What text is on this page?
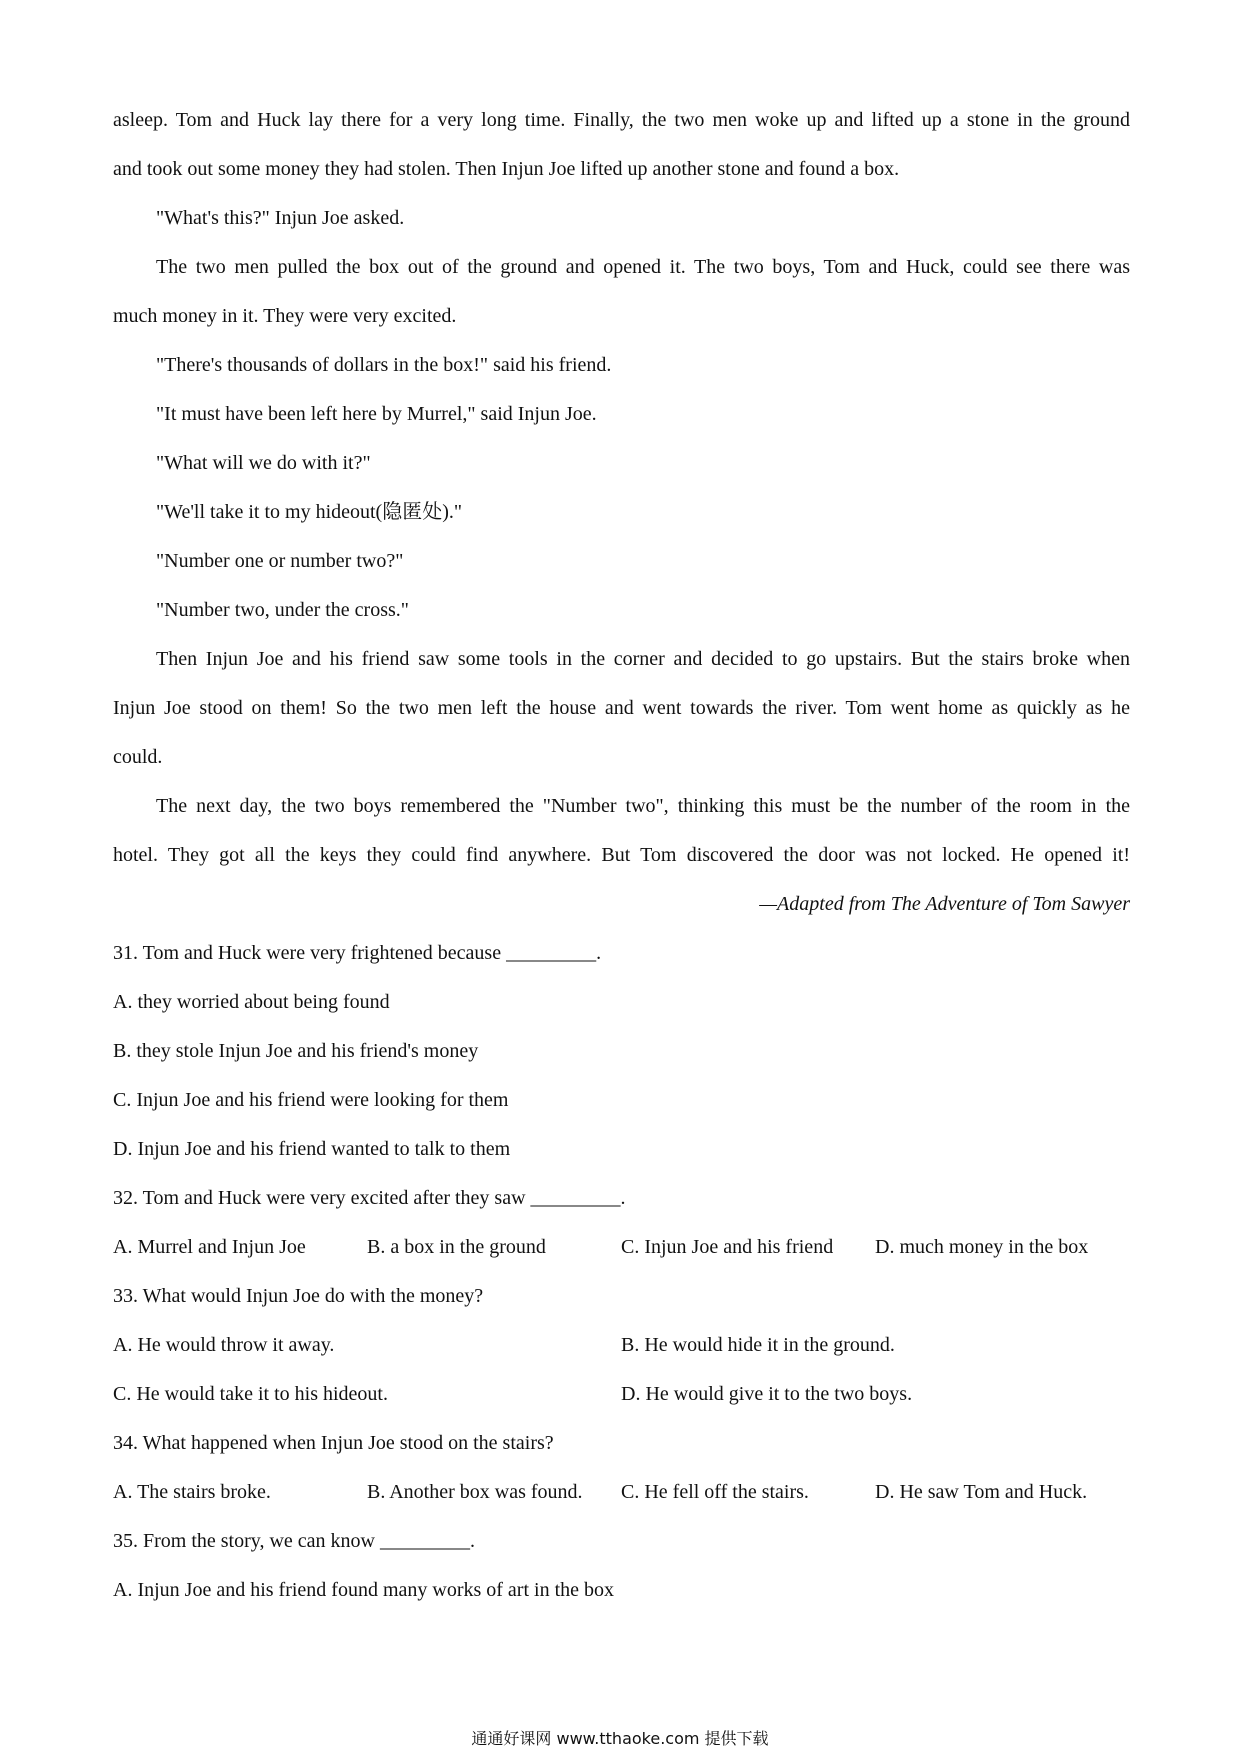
asleep. Tom and Huck lay there for a very long time. Finally, the two men woke up and lifted up a stone in the ground
and took out some money they had stolen. Then Injun Joe lifted up another stone and found a box.
"What's this?" Injun Joe asked.
The two men pulled the box out of the ground and opened it. The two boys, Tom and Huck, could see there was
much money in it. They were very excited.
"There's thousands of dollars in the box!" said his friend.
"It must have been left here by Murrel," said Injun Joe.
"What will we do with it?"
"We'll take it to my hideout(隐匿处)."
"Number one or number two?"
"Number two, under the cross."
Then Injun Joe and his friend saw some tools in the corner and decided to go upstairs. But the stairs broke when
Injun Joe stood on them! So the two men left the house and went towards the river. Tom went home as quickly as he
could.
The next day, the two boys remembered the "Number two", thinking this must be the number of the room in the
hotel. They got all the keys they could find anywhere. But Tom discovered the door was not locked. He opened it!
—Adapted from The Adventure of Tom Sawyer
31. Tom and Huck were very frightened because _________.
A. they worried about being found
B. they stole Injun Joe and his friend's money
C. Injun Joe and his friend were looking for them
D. Injun Joe and his friend wanted to talk to them
32. Tom and Huck were very excited after they saw _________.
A. Murrel and Injun Joe	B. a box in the ground	C. Injun Joe and his friend D. much money in the box
33. What would Injun Joe do with the money?
A. He would throw it away.	B. He would hide it in the ground.
C. He would take it to his hideout.	D. He would give it to the two boys.
34. What happened when Injun Joe stood on the stairs?
A. The stairs broke.	B. Another box was found. C. He fell off the stairs.	D. He saw Tom and Huck.
35. From the story, we can know _________.
A. Injun Joe and his friend found many works of art in the box
通通好课网 www.tthaoke.com 提供下载
